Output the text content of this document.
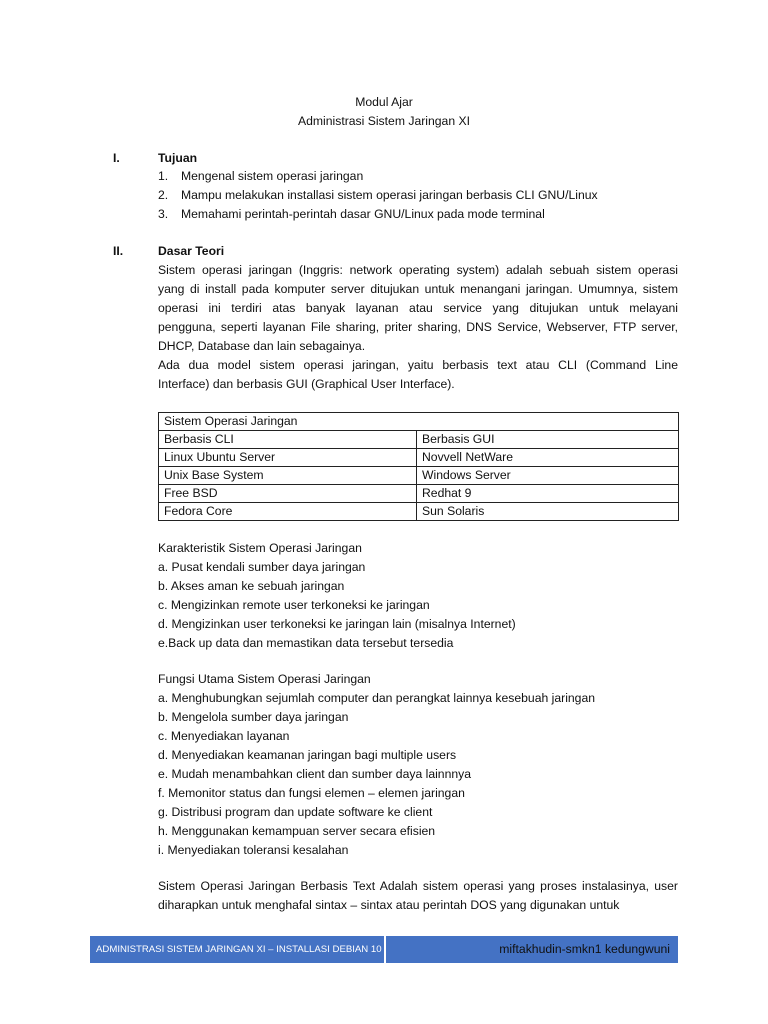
Modul Ajar
Administrasi Sistem Jaringan XI
I.	Tujuan
1. Mengenal sistem operasi jaringan
2. Mampu melakukan installasi sistem operasi jaringan berbasis CLI GNU/Linux
3. Memahami perintah-perintah dasar GNU/Linux pada mode terminal
II.	Dasar Teori
Sistem operasi jaringan (Inggris: network operating system) adalah sebuah sistem operasi
yang di install pada komputer server ditujukan untuk menangani jaringan. Umumnya, sistem
operasi ini terdiri atas banyak layanan atau service yang ditujukan untuk melayani
pengguna, seperti layanan File sharing, priter sharing, DNS Service, Webserver, FTP server,
DHCP, Database dan lain sebagainya.
Ada dua model sistem operasi jaringan, yaitu berbasis text atau CLI (Command Line
Interface) dan berbasis GUI (Graphical User Interface).
Sistem Operasi Jaringan	
Berbasis CLI	Berbasis GUI
Linux Ubuntu Server	Novvell NetWare
Unix Base System	Windows Server
Free BSD	Redhat 9
Fedora Core	Sun Solaris
Karakteristik Sistem Operasi Jaringan
a. Pusat kendali sumber daya jaringan
b. Akses aman ke sebuah jaringan
c. Mengizinkan remote user terkoneksi ke jaringan
d. Mengizinkan user terkoneksi ke jaringan lain (misalnya Internet)
e.Back up data dan memastikan data tersebut tersedia
Fungsi Utama Sistem Operasi Jaringan
a. Menghubungkan sejumlah computer dan perangkat lainnya kesebuah jaringan
b. Mengelola sumber daya jaringan
c. Menyediakan layanan
d. Menyediakan keamanan jaringan bagi multiple users
e. Mudah menambahkan client dan sumber daya lainnnya
f. Memonitor status dan fungsi elemen – elemen jaringan
g. Distribusi program dan update software ke client
h. Menggunakan kemampuan server secara efisien
i. Menyediakan toleransi kesalahan
Sistem Operasi Jaringan Berbasis Text Adalah sistem operasi yang proses instalasinya, user
diharapkan untuk menghafal sintax – sintax atau perintah DOS yang digunakan untuk
ADMINISTRASI SISTEM JARINGAN XI – INSTALLASI DEBIAN 10	miftakhudin-smkn1 kedungwuni
